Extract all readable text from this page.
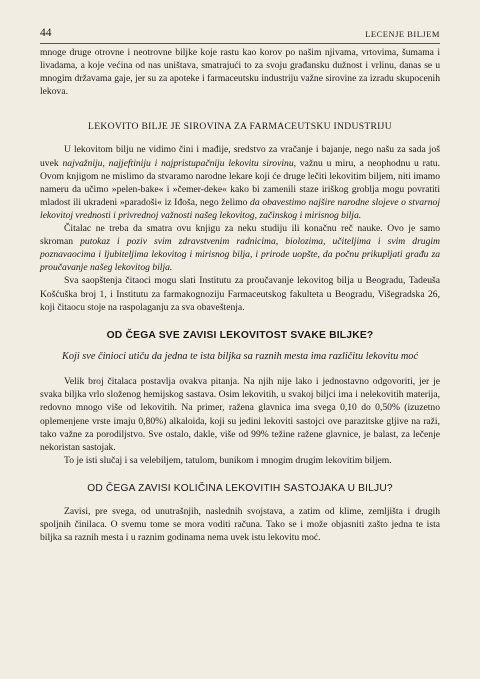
44	LECENJE BILJEM

mnoge druge otrovne i neotrovne biljke koje rastu kao korov po našim njivama, vrtovima, šumama i livadama, a koje većina od nas uništava, smatrajući to za svoju građansku dužnost i vrlinu, danas se u mnogim državama gaje, jer su za apoteke i farmaceutsku industriju važne sirovine za izradu skupocenih lekova.

LEKOVITO BILJE JE SIROVINA ZA FARMACEUTSKU INDUSTRIJU

U lekovitom bilju ne vidimo čini i mađije, sredstvo za vračanje i bajanje, nego našu za sada još uvek najvažniju, najjeftiniju i najpristupačniju lekovitu sirovinu, važnu u miru, a neophodnu u ratu. Ovom knjigom ne mislimo da stvaramo narodne lekare koji će druge lečiti lekovitim biljem, niti imamo nameru da učimo »pelen-bake« i »čemer-deke« kako bi zamenili staze iriškog groblja mogu povratiti mladost ili ukradeni »paradoši« iz Iđoša, nego želimo da obavestimo najšire narodne slojeve o stvarnoj lekovitoj vrednosti i privrednoj važnosti našeg lekovitog, začinskog i mirisnog bilja.

Čitalac ne treba da smatra ovu knjigu za neku studiju ili konačnu reč nauke. Ovo je samo skroman putokaz i poziv svim zdravstvenim radnicima, biolozima, učiteljima i svim drugim poznavaocima i ljubiteljima lekovitog i mirisnog bilja, i prirode uopšte, da počnu prikupljati građu za proučavanje našeg lekovitog bilja.

Sva saopštenja čitaoci mogu slati Institutu za proučavanje lekovitog bilja u Beogradu, Tadeuša Košćuška broj 1, i Institutu za farmakognoziju Farmaceutskog fakulteta u Beogradu, Višegradska 26, koji čitaocu stoje na raspolaganju za sva obaveštenja.

OD ČEGA SVE ZAVISI LEKOVITOST SVAKE BILJKE?
Koji sve činioci utiču da jedna te ista biljka sa raznih mesta ima različitu lekovitu moć

Velik broj čitalaca postavlja ovakva pitanja. Na njih nije lako i jednostavno odgovoriti, jer je svaka biljka vrlo složenog hemijskog sastava. Osim lekovitih, u svakoj biljci ima i nelekovitih materija, redovno mnogo više od lekovitih. Na primer, ražena glavnica ima svega 0,10 do 0,50% (izuzetno oplemenjene vrste imaju 0,80%) alkaloida, koji su jedini lekoviti sastojci ove parazitske gljive na raži, tako važne za porodiljstvo. Sve ostalo, dakle, više od 99% težine ražene glavnice, je balast, za lečenje nekoristan sastojak.

To je isti slučaj i sa velebiljem, tatulom, bunikom i mnogim drugim lekovitim biljem.

OD ČEGA ZAVISI KOLIČINA LEKOVITIH SASTOJAKA U BILJU?

Zavisi, pre svega, od unutrašnjih, naslednih svojstava, a zatim od klime, zemljišta i drugih spoljnih činilaca. O svemu tome se mora voditi računa. Tako se i može objasniti zašto jedna te ista biljka sa raznih mesta i u raznim godinama nema uvek istu lekovitu moć.
